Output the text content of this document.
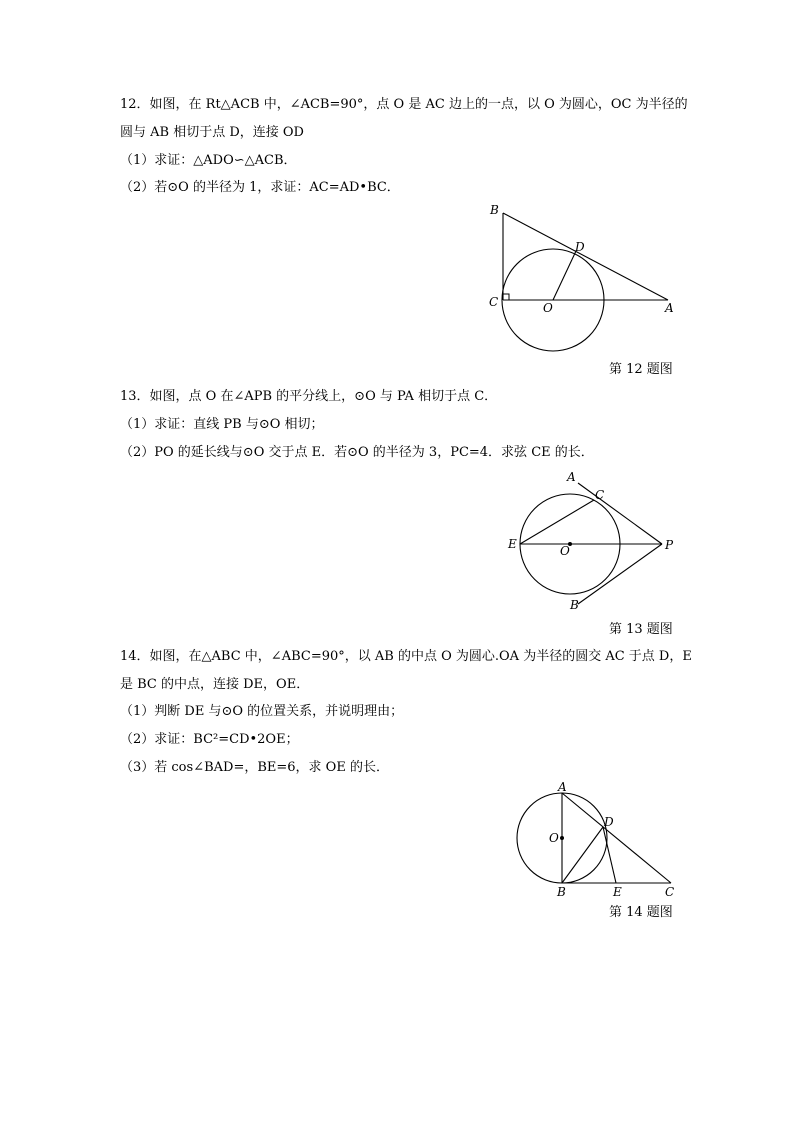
12．如图，在 Rt△ACB 中，∠ACB=90°，点 O 是 AC 边上的一点，以 O 为圆心，OC 为半径的
圆与 AB 相切于点 D，连接 OD
（1）求证：△ADO∽△ACB．
（2）若⊙O 的半径为 1，求证：AC=AD•BC．
B
D
C	O	A
第 12 题图
13．如图，点 O 在∠APB 的平分线上，⊙O 与 PA 相切于点 C．
（1）求证：直线 PB 与⊙O 相切；
（2）PO 的延长线与⊙O 交于点 E．若⊙O 的半径为 3，PC=4．求弦 CE 的长．
A
C
E	O	P
B
第 13 题图
14．如图，在△ABC 中，∠ABC=90°，以 AB 的中点 O 为圆心.OA 为半径的圆交 AC 于点 D，E
是 BC 的中点，连接 DE，OE．
（1）判断 DE 与⊙O 的位置关系，并说明理由；
（2）求证：BC²=CD•2OE；
（3）若 cos∠BAD=，BE=6，求 OE 的长．
A
D
O
B	E	C
第 14 题图
